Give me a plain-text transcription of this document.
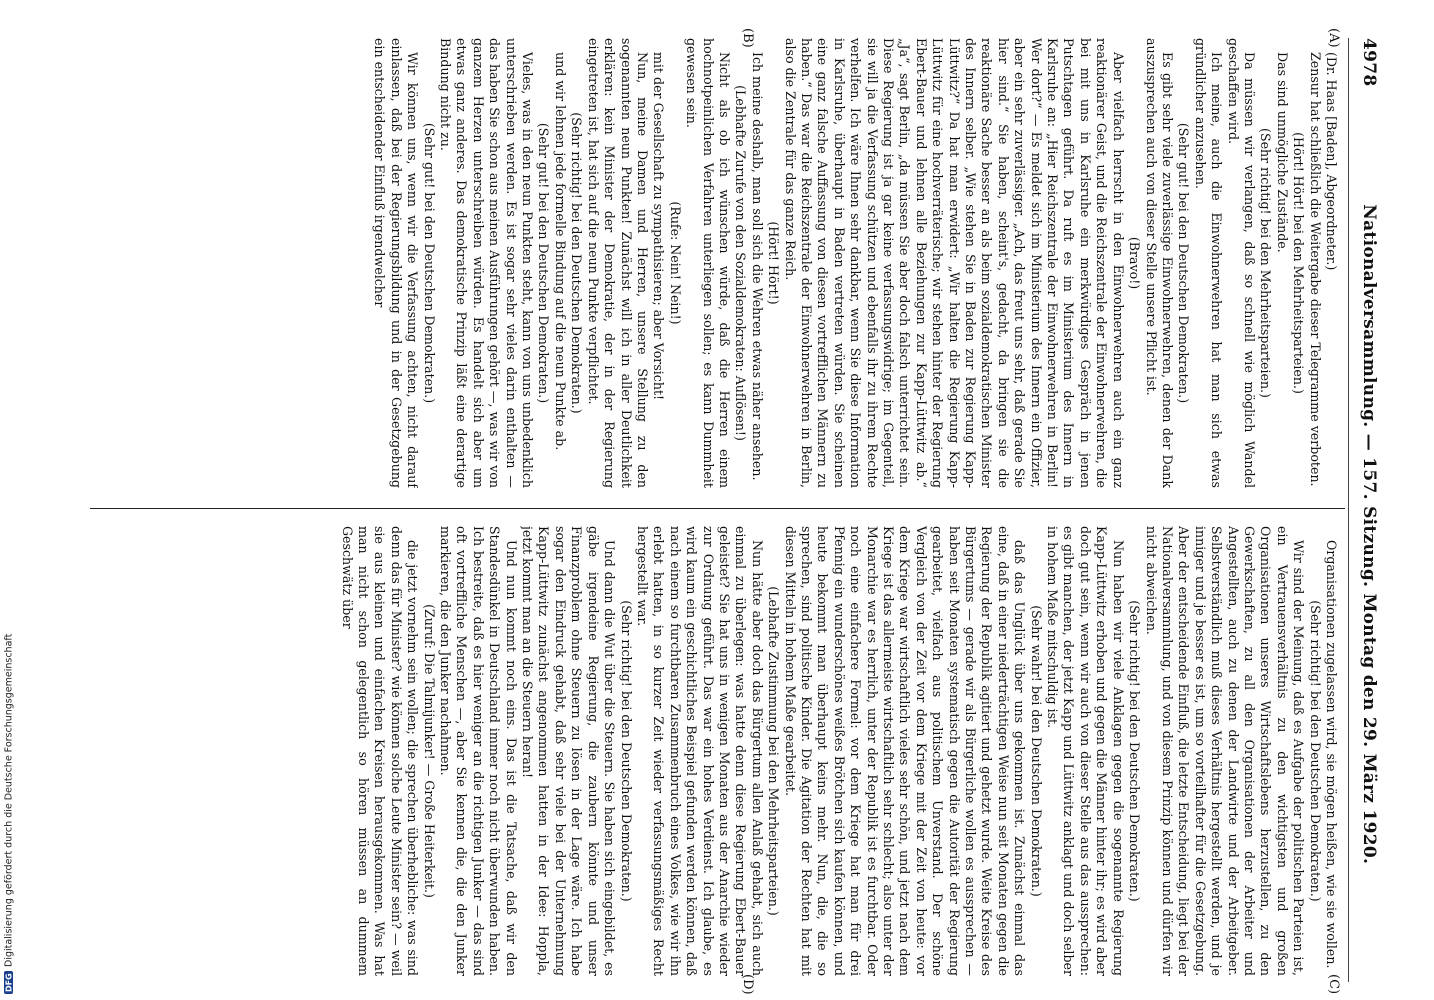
4978
Nationalversammlung. — 157. Sitzung. Montag den 29. März 1920.
(A)
(B)
(C)
(D)

(Dr. Haas [Baden], Abgeordneter.)

Zensur hat schließlich die Weitergabe dieser Telegramme verboten.

(Hört! Hört! bei den Mehrheitsparteien.)

Das sind unmögliche Zustände.

(Sehr richtig! bei den Mehrheitsparteien.)

Da müssen wir verlangen, daß so schnell wie möglich Wandel geschaffen wird.

Ich meine, auch die Einwohnerwehren hat man sich etwas gründlicher anzusehen.

(Sehr gut! bei den Deutschen Demokraten.)

Es gibt sehr viele zuverlässige Einwohnerwehren, denen der Dank auszusprechen auch von dieser Stelle unsere Pflicht ist.

(Bravo!)

Aber vielfach herrscht in den Einwohnerwehren auch ein ganz reaktionärer Geist, und die Reichszentrale der Einwohnerwehren, die bei mit uns in Karlsruhe ein merkwürdiges Gespräch in jenen Putschtagen geführt. Da ruft es im Ministerium des Innern in Karlsruhe an: „Hier Reichszentrale der Einwohnerwehren in Berlin! Wer dort?“ — Es meldet sich im Ministerium des Innern ein Offizier, aber ein sehr zuverlässiger. „Ach, das freut uns sehr, daß gerade Sie hier sind.“ Sie haben, scheint's, gedacht, da bringen sie die reaktionäre Sache besser an als beim sozialdemokratischen Minister des Innern selber. „Wie stehen Sie in Baden zur Regierung Kapp-Lüttwitz?“ Da hat man erwidert: „Wir halten die Regierung Kapp-Lüttwitz für eine hochverräterische; wir stehen hinter der Regierung Ebert-Bauer und lehnen alle Beziehungen zur Kapp-Lüttwitz ab.“ „Ja“, sagt Berlin, „da müssen Sie aber doch falsch unterrichtet sein. Diese Regierung ist ja gar keine verfassungswidrige; im Gegenteil, sie will ja die Verfassung schützen und ebenfalls ihr zu ihrem Rechte verhelfen. Ich wäre Ihnen sehr dankbar, wenn Sie diese Information in Karlsruhe, überhaupt in Baden vertreten würden. Sie scheinen eine ganz falsche Auffassung von diesen vortrefflichen Männern zu haben.“ Das war die Reichszentrale der Einwohnerwehren in Berlin, also die Zentrale für das ganze Reich.

(Hört! Hört!)

Ich meine deshalb, man soll sich die Wehren etwas näher ansehen.

(Lebhafte Zurufe von den Sozialdemokraten: Auflösen!)

Nicht als ob ich wünschen würde, daß die Herren einem hochnotpeinlichen Verfahren unterliegen sollen; es kann Dummheit gewesen sein.

(Rufe: Nein! Nein!)

mit der Gesellschaft zu sympathisieren; aber Vorsicht!

Nun, meine Damen und Herren, unsere Stellung zu den sogenannten neun Punkten! Zunächst will ich in aller Deutlichkeit erklären: kein Minister der Demokratie, der in der Regierung eingetreten ist, hat sich auf die neun Punkte verpflichtet.

(Sehr richtig! bei den Deutschen Demokraten.)

und wir lehnen jede formelle Bindung auf die neun Punkte ab.

(Sehr gut! bei den Deutschen Demokraten.)

Vieles, was in den neun Punkten steht, kann von uns unbedenklich unterschrieben werden. Es ist sogar sehr vieles darin enthalten — das haben Sie schon aus meinen Ausführungen gehört —, was wir von ganzem Herzen unterschreiben würden. Es handelt sich aber um etwas ganz anderes. Das demokratische Prinzip läßt eine derartige Bindung nicht zu.

(Sehr gut! bei den Deutschen Demokraten.)

Wir können uns, wenn wir die Verfassung achten, nicht darauf einlassen, daß bei der Regierungsbildung und in der Gesetzgebung ein entscheidender Einfluß irgendwelcher

Organisationen zugelassen wird, sie mögen heißen, wie sie wollen.

(Sehr richtig! bei den Deutschen Demokraten.)

Wir sind der Meinung, daß es Aufgabe der politischen Parteien ist, ein Vertrauensverhältnis zu den wichtigsten und großen Organisationen unseres Wirtschaftslebens herzustellen, zu den Gewerkschaften, zu all den Organisationen der Arbeiter und Angestellten, auch zu denen der Landwirte und der Arbeitgeber. Selbstverständlich muß dieses Verhältnis hergestellt werden, und je inniger und je besser es ist, um so vorteilhafter für die Gesetzgebung. Aber der entscheidende Einfluß, die letzte Entscheidung, liegt bei der Nationalversammlung, und von diesem Prinzip können und dürfen wir nicht abweichen.

(Sehr richtig! bei den Deutschen Demokraten.)

Nun haben wir viele Anklagen gegen die sogenannte Regierung Kapp-Lüttwitz erhoben und gegen die Männer hinter ihr; es wird aber doch gut sein, wenn wir auch von dieser Stelle aus das aussprechen: es gibt manchen, der jetzt Kapp und Lüttwitz anklagt und doch selber in hohem Maße mitschuldig ist.

(Sehr wahr! bei den Deutschen Demokraten.)

daß das Unglück über uns gekommen ist. Zunächst einmal das eine, daß in einer niederträchtigen Weise nun seit Monaten gegen die Regierung der Republik agitiert und gehetzt wurde. Weite Kreise des Bürgertums — gerade wir als Bürgerliche wollen es aussprechen — haben seit Monaten systematisch gegen die Autorität der Regierung gearbeitet, vielfach aus politischem Unverstand. Der schöne Vergleich von der Zeit vor dem Kriege mit der Zeit von heute: vor dem Kriege war wirtschaftlich vieles sehr schön, und jetzt nach dem Kriege ist das allermeiste wirtschaftlich sehr schlecht; also unter der Monarchie war es herrlich, unter der Republik ist es furchtbar. Oder noch eine einfachere Formel: vor dem Kriege hat man für drei Pfennig ein wunderschönes weißes Brötchen sich kaufen können, und heute bekommt man überhaupt keins mehr. Nun, die, die so sprechen, sind politische Kinder. Die Agitation der Rechten hat mit diesen Mitteln in hohem Maße gearbeitet.

(Lebhafte Zustimmung bei den Mehrheitsparteien.)

Nun hätte aber doch das Bürgertum allen Anlaß gehabt, sich auch einmal zu überlegen: was hatte denn diese Regierung Ebert-Bauer geleistet? Sie hat uns in wenigen Monaten aus der Anarchie wieder zur Ordnung geführt. Das war ein hohes Verdienst. Ich glaube, es wird kaum ein geschichtliches Beispiel gefunden werden können, daß nach einem so furchtbaren Zusammenbruch eines Volkes, wie wir ihn erlebt hatten, in so kurzer Zeit wieder verfassungsmäßiges Recht hergestellt war.

(Sehr richtig! bei den Deutschen Demokraten.)

Und dann die Wut über die Steuern. Sie haben sich eingebildet, es gäbe irgendeine Regierung, die zaubern könnte und unser Finanzproblem ohne Steuern zu lösen in der Lage wäre. Ich habe sogar den Eindruck gehabt, daß sehr viele bei der Unternehmung Kapp-Lüttwitz zunächst angenommen hatten in der Idee: Hoppla, jetzt kommt man an die Steuern heran!

Und nun kommt noch eins. Das ist die Tatsache, daß wir den Standesdünkel in Deutschland immer noch nicht überwunden haben. Ich bestreite, daß es hier weniger an die richtigen Junker — das sind oft vortreffliche Menschen —, aber Sie kennen die, die den Junker markieren, die den Junker nachahmen.

(Zuruf: Die Talmijunker! — Große Heiterkeit.)

die jetzt vornehm sein wollen; die sprechen überhebliche: was sind denn das für Minister? wie können solche Leute Minister sein? — weil sie aus kleinen und einfachen Kreisen herausgekommen. Was hat man nicht schon gelegentlich so hören müssen an dummem Geschwätz über

DFG
Digitalisierung gefördert durch die Deutsche Forschungsgemeinschaft
